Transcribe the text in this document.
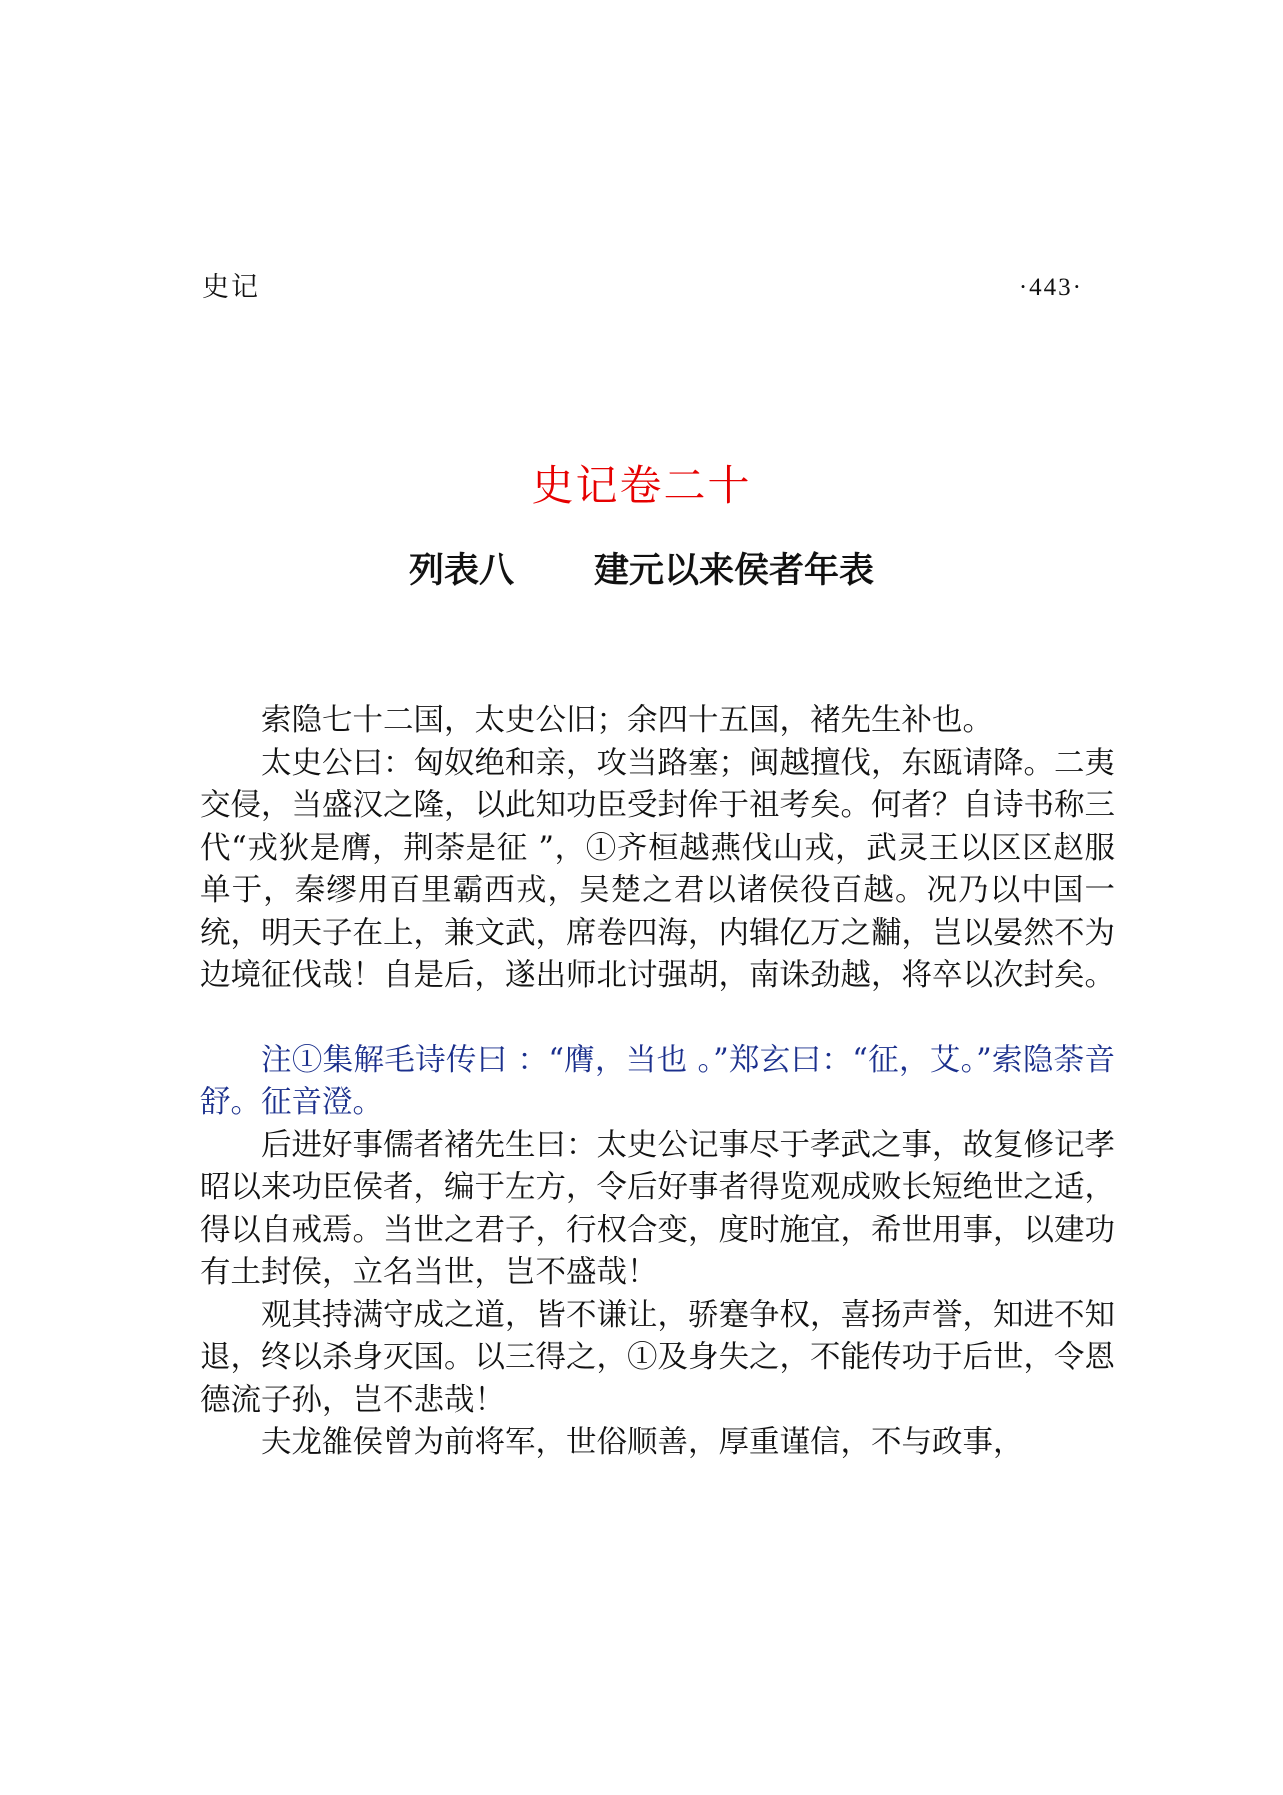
史记	·443·
史记卷二十
列表八 建元以来侯者年表

索隐七十二国，太史公旧；余四十五国，褚先生补也。

太史公曰：匈奴绝和亲，攻当路塞；闽越擅伐，东瓯请降。二夷交侵，当盛汉之隆，以此知功臣受封侔于祖考矣。何者？自诗书称三代“戎狄是膺，荆荼是征 ”，①齐桓越燕伐山戎，武灵王以区区赵服单于，秦缪用百里霸西戎，吴楚之君以诸侯役百越。况乃以中国一统，明天子在上，兼文武，席卷四海，内辑亿万之黼，岂以晏然不为边境征伐哉！自是后，遂出师北讨强胡，南诛劲越，将卒以次封矣。

注①集解毛诗传曰 ：“膺，当也 。”郑玄曰：“征，艾。”索隐荼音舒。征音澄。

后进好事儒者褚先生曰：太史公记事尽于孝武之事，故复修记孝昭以来功臣侯者，编于左方，令后好事者得览观成败长短绝世之适，得以自戒焉。当世之君子，行权合变，度时施宜，希世用事，以建功有土封侯，立名当世，岂不盛哉！

观其持满守成之道，皆不谦让，骄蹇争权，喜扬声誉，知进不知退，终以杀身灭国。以三得之，①及身失之，不能传功于后世，令恩德流子孙，岂不悲哉！

夫龙雒侯曾为前将军，世俗顺善，厚重谨信，不与政事，
